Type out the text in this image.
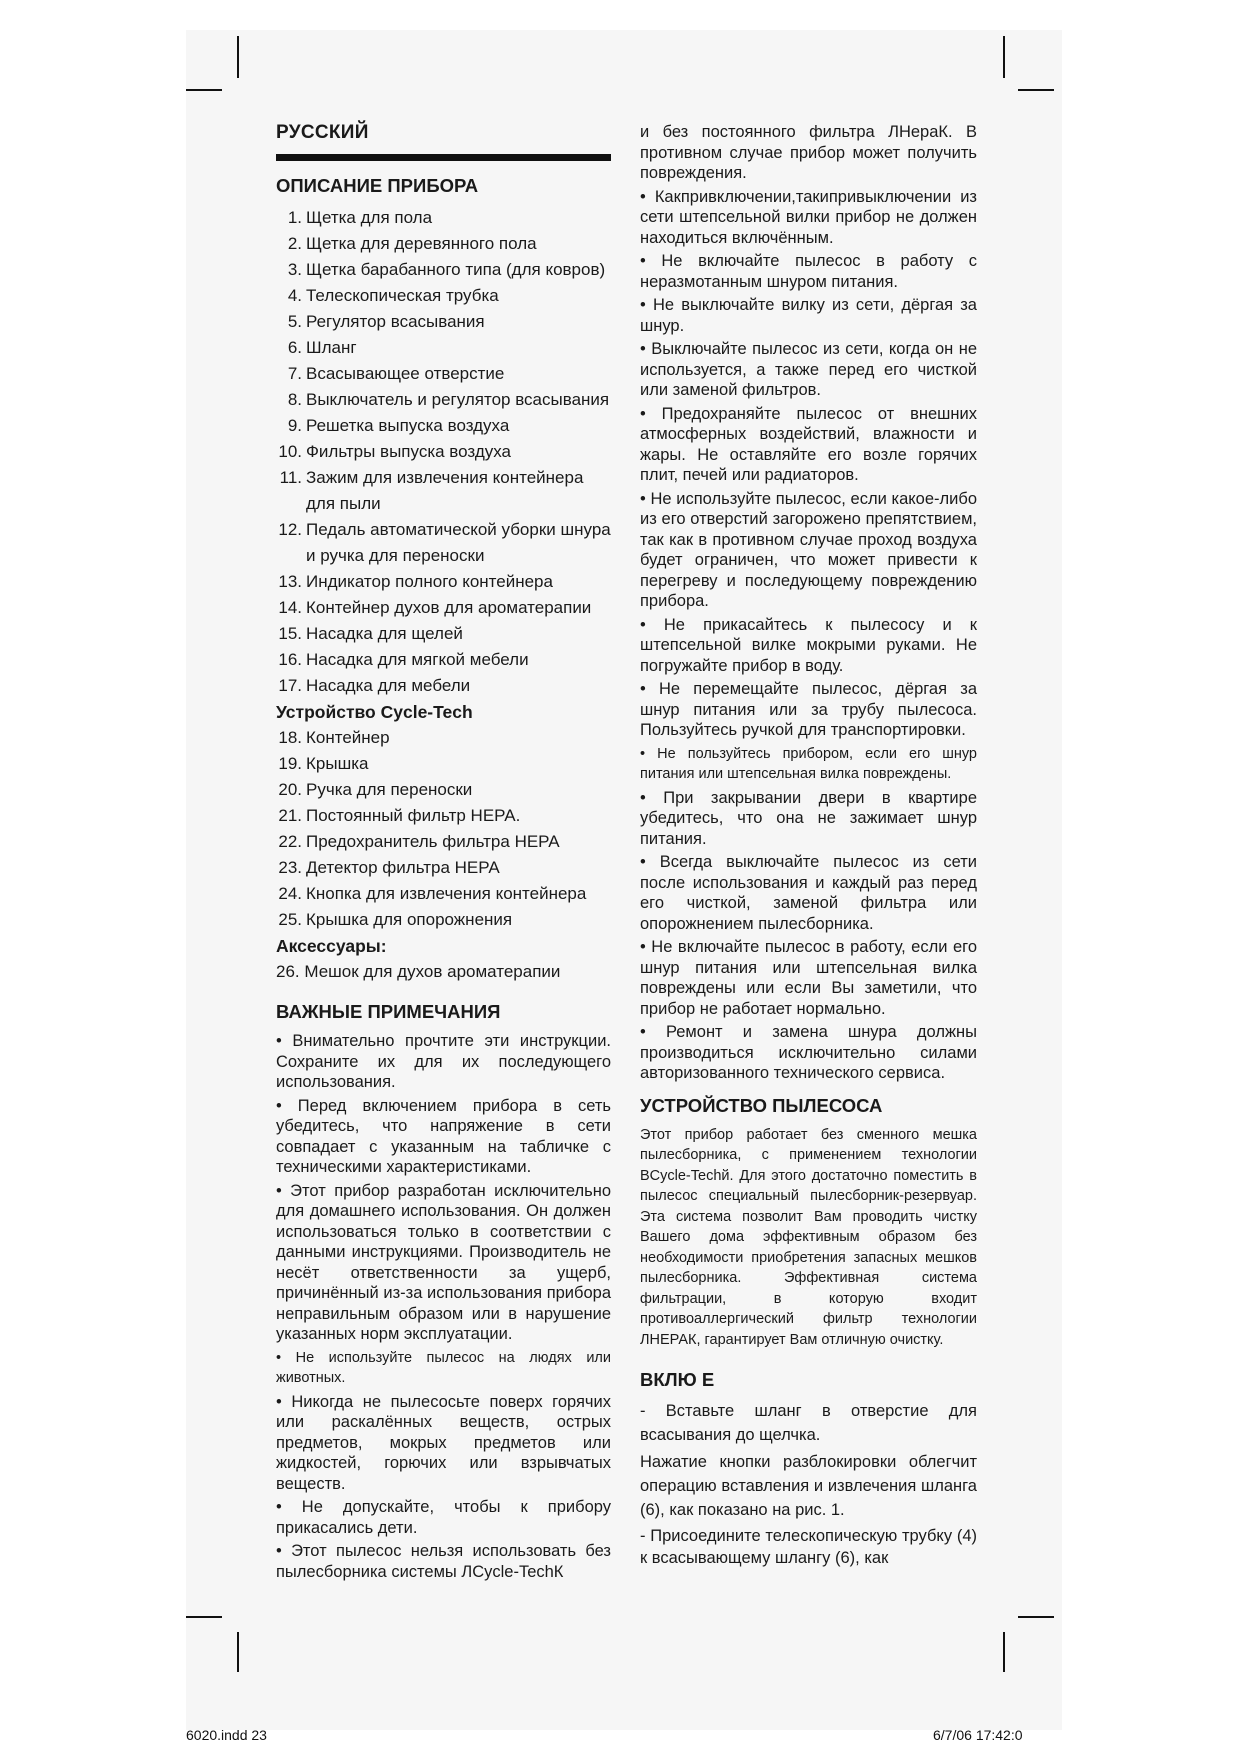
РУССКИЙ
ОПИСАНИЕ ПРИБОРА
1. Щетка для пола
2. Щетка для деревянного пола
3. Щетка барабанного типа (для ковров)
4. Телескопическая трубка
5. Регулятор всасывания
6. Шланг
7. Всасывающее отверстие
8. Выключатель и регулятор всасывания
9. Решетка выпуска воздуха
10. Фильтры выпуска воздуха
11. Зажим для извлечения контейнера для пыли
12. Педаль автоматической уборки шнура и ручка для переноски
13. Индикатор полного контейнера
14. Контейнер духов для ароматерапии
15. Насадка для щелей
16. Насадка для мягкой мебели
17. Насадка для мебели
Устройство Cycle-Tech
18. Контейнер
19. Крышка
20. Ручка для переноски
21. Постоянный фильтр HEPA.
22. Предохранитель фильтра HEPA
23. Детектор фильтра HEPA
24. Кнопка для извлечения контейнера
25. Крышка для опорожнения
Аксессуары:
26. Мешок для духов ароматерапии
ВАЖНЫЕ ПРИМЕЧАНИЯ

• Внимательно прочтите эти инструкции. Сохраните их для их последующего использования.

• Перед включением прибора в сеть убедитесь, что напряжение в сети совпадает с указанным на табличке с техническими характеристиками.

• Этот прибор разработан исключительно для домашнего использования. Он должен использоваться только в соответствии с данными инструкциями. Производитель не несёт ответственности за ущерб, причинённый из-за использования прибора неправильным образом или в нарушение указанных норм эксплуатации.

• Не используйте пылесос на людях или животных.

• Никогда не пылесосьте поверх горячих или раскалённых веществ, острых предметов, мокрых предметов или жидкостей, горючих или взрывчатых веществ.

• Не допускайте, чтобы к прибору прикасались дети.

• Этот пылесос нельзя использовать без пылесборника системы ЛCycle-TechК

и без постоянного фильтра ЛНераК. В противном случае прибор может получить повреждения.

• Какпривключении,такипривыключении из сети штепсельной вилки прибор не должен находиться включённым.

• Не включайте пылесос в работу с неразмотанным шнуром питания.

• Не выключайте вилку из сети, дёргая за шнур.

• Выключайте пылесос из сети, когда он не используется, а также перед его чисткой или заменой фильтров.

• Предохраняйте пылесос от внешних атмосферных воздействий, влажности и жары. Не оставляйте его возле горячих плит, печей или радиаторов.

• Не используйте пылесос, если какое-либо из его отверстий загорожено препятствием, так как в противном случае проход воздуха будет ограничен, что может привести к перегреву и последующему повреждению прибора.

• Не прикасайтесь к пылесосу и к штепсельной вилке мокрыми руками. Не погружайте прибор в воду.

• Не перемещайте пылесос, дёргая за шнур питания или за трубу пылесоса. Пользуйтесь ручкой для транспортировки.

• Не пользуйтесь прибором, если его шнур питания или штепсельная вилка повреждены.

• При закрывании двери в квартире убедитесь, что она не зажимает шнур питания.

• Всегда выключайте пылесос из сети после использования и каждый раз перед его чисткой, заменой фильтра или опорожнением пылесборника.

• Не включайте пылесос в работу, если его шнур питания или штепсельная вилка повреждены или если Вы заметили, что прибор не работает нормально.

• Ремонт и замена шнура должны производиться исключительно силами авторизованного технического сервиса.

УСТРОЙСТВО ПЫЛЕСОСА

Этот прибор работает без сменного мешка пылесборника, с применением технологии ВCycle-Techй. Для этого достаточно поместить в пылесос специальный пылесборник-резервуар. Эта система позволит Вам проводить чистку Вашего дома эффективным образом без необходимости приобретения запасных мешков пылесборника. Эффективная система фильтрации, в которую входит противоаллергический фильтр технологии ЛНЕРАК, гарантирует Вам отличную очистку.

ВКЛЮ Е

- Вставьте шланг в отверстие для всасывания до щелчка.

Нажатие кнопки разблокировки облегчит операцию вставления и извлечения шланга (6), как показано на рис. 1.

- Присоедините телескопическую трубку (4) к всасывающему шлангу (6), как

6020.indd 23	6/7/06 17:42:0
